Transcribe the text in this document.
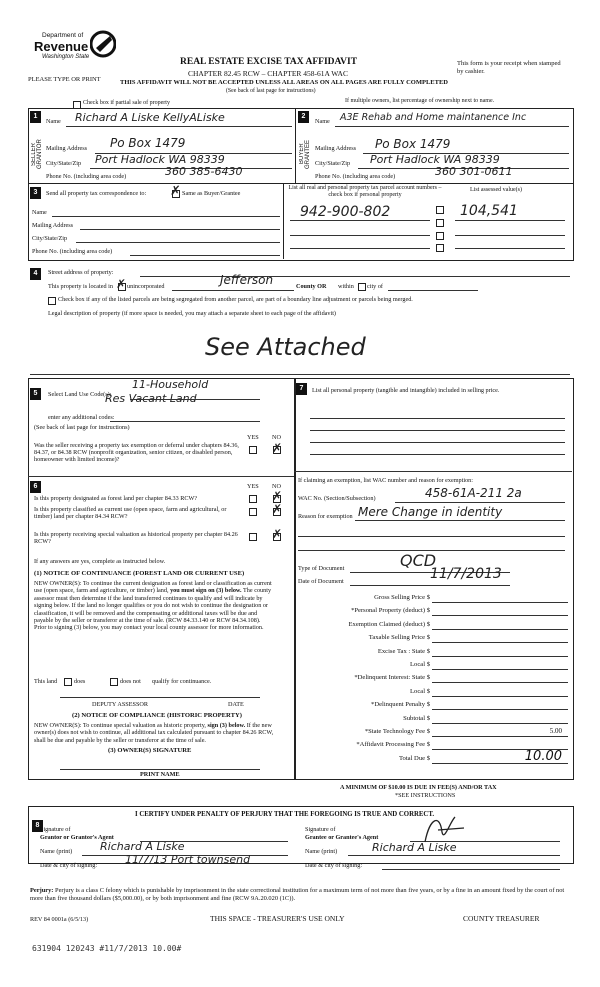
Department of
Revenue
Washington State
PLEASE TYPE OR PRINT
REAL ESTATE EXCISE TAX AFFIDAVIT
CHAPTER 82.45 RCW – CHAPTER 458-61A WAC
THIS AFFIDAVIT WILL NOT BE ACCEPTED UNLESS ALL AREAS ON ALL PAGES ARE FULLY COMPLETED
(See back of last page for instructions)
This form is your receipt when stamped by cashier.
Check box if partial sale of property	If multiple owners, list percentage of ownership next to name.
1
SELLER GRANTOR
Name Richard A Liske KellyALiske
Mailing Address Po Box 1479
City/State/Zip Port Hadlock WA 98339
Phone No. (including area code)	360 385-6430
2
BUYER GRANTEE
Name A3E Rehab and Home maintanence Inc
Mailing Address Po Box 1479
City/State/Zip Port Hadlock WA 98339
Phone No. (including area code)	360 301-0611
3	Send all property tax correspondence to: ✗ Same as Buyer/Grantee
Name
Mailing Address
City/State/Zip
Phone No. (including area code)
List all real and personal property tax parcel account numbers – check box if personal property
List assessed value(s)
942-900-802	104,541
4	Street address of property:
This property is located in ✗ unincorporated	Jefferson	County OR within city of
Check box if any of the listed parcels are being segregated from another parcel, are part of a boundary line adjustment or parcels being merged.
Legal description of property (if more space is needed, you may attach a separate sheet to each page of the affidavit)
See Attached
5	Select Land Use Code(s):
11-Household
Res Vacant Land
enter any additional codes:
(See back of last page for instructions)
YES NO
Was the seller receiving a property tax exemption or deferral under chapters 84.36, 84.37, or 84.38 RCW (nonprofit organization, senior citizen, or disabled person, homeowner with limited income)?
✗
6	YES NO
Is this property designated as forest land per chapter 84.33 RCW?	✗
Is this property classified as current use (open space, farm and agricultural, or timber) land per chapter 84.34 RCW?
✗
Is this property receiving special valuation as historical property per chapter 84.26 RCW?
✗
If any answers are yes, complete as instructed below.
(1) NOTICE OF CONTINUANCE (FOREST LAND OR CURRENT USE)
NEW OWNER(S): To continue the current designation as forest land or classification as current use (open space, farm and agriculture, or timber) land, you must sign on (3) below. The county assessor must then determine if the land transferred continues to qualify and will indicate by signing below. If the land no longer qualifies or you do not wish to continue the designation or classification, it will be removed and the compensating or additional taxes will be due and payable by the seller or transferor at the time of sale. (RCW 84.33.140 or RCW 84.34.108). Prior to signing (3) below, you may contact your local county assessor for more information.
This land	does	does not qualify for continuance.
DEPUTY ASSESSOR	DATE
(2) NOTICE OF COMPLIANCE (HISTORIC PROPERTY)
NEW OWNER(S): To continue special valuation as historic property, sign (3) below. If the new owner(s) does not wish to continue, all additional tax calculated pursuant to chapter 84.26 RCW, shall be due and payable by the seller or transferor at the time of sale.
(3) OWNER(S) SIGNATURE
PRINT NAME
7	List all personal property (tangible and intangible) included in selling price.
If claiming an exemption, list WAC number and reason for exemption:
WAC No. (Section/Subsection)	458-61A-211 2a
Reason for exemption Mere Change in identity
Type of Document	QCD
Date of Document	11/7/2013
Gross Selling Price $
*Personal Property (deduct) $
Exemption Claimed (deduct) $
Taxable Selling Price $
Excise Tax : State $
Local $
*Delinquent Interest: State $
Local $
*Delinquent Penalty $
Subtotal $
*State Technology Fee $	5.00
*Affidavit Processing Fee $
Total Due $	10.00
A MINIMUM OF $10.00 IS DUE IN FEE(S) AND/OR TAX
*SEE INSTRUCTIONS
8
I CERTIFY UNDER PENALTY OF PERJURY THAT THE FOREGOING IS TRUE AND CORRECT.
Signature of
Grantor or Grantor's Agent
Name (print)	Richard A Liske
Date & city of signing:	11/7/13 Port townsend
Signature of
Grantee or Grantee's Agent
Name (print)	Richard A Liske
Date & city of signing:
Perjury: Perjury is a class C felony which is punishable by imprisonment in the state correctional institution for a maximum term of not more than five years, or by a fine in an amount fixed by the court of not more than five thousand dollars ($5,000.00), or by both imprisonment and fine (RCW 9A.20.020 (1C)).
REV 84 0001a (6/5/13)	THIS SPACE - TREASURER'S USE ONLY	COUNTY TREASURER
631904 120243 #11/7/2013 10.00#
